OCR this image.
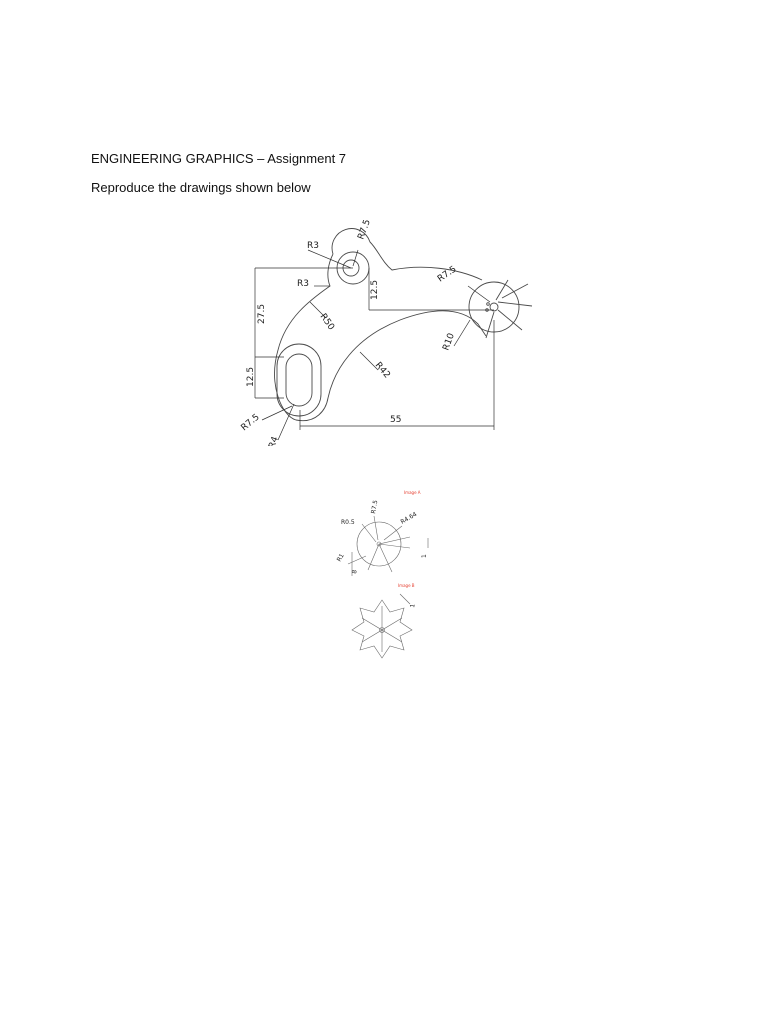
ENGINEERING GRAPHICS – Assignment 7
Reproduce the drawings shown below
R7.5
R3
R3	12.5
27.5	R50
R7.5
R10
12.5	R42
R7.5
R4
55
Image A
Image B
R0.5
R7.5
R4.64
R1
8
1
1
